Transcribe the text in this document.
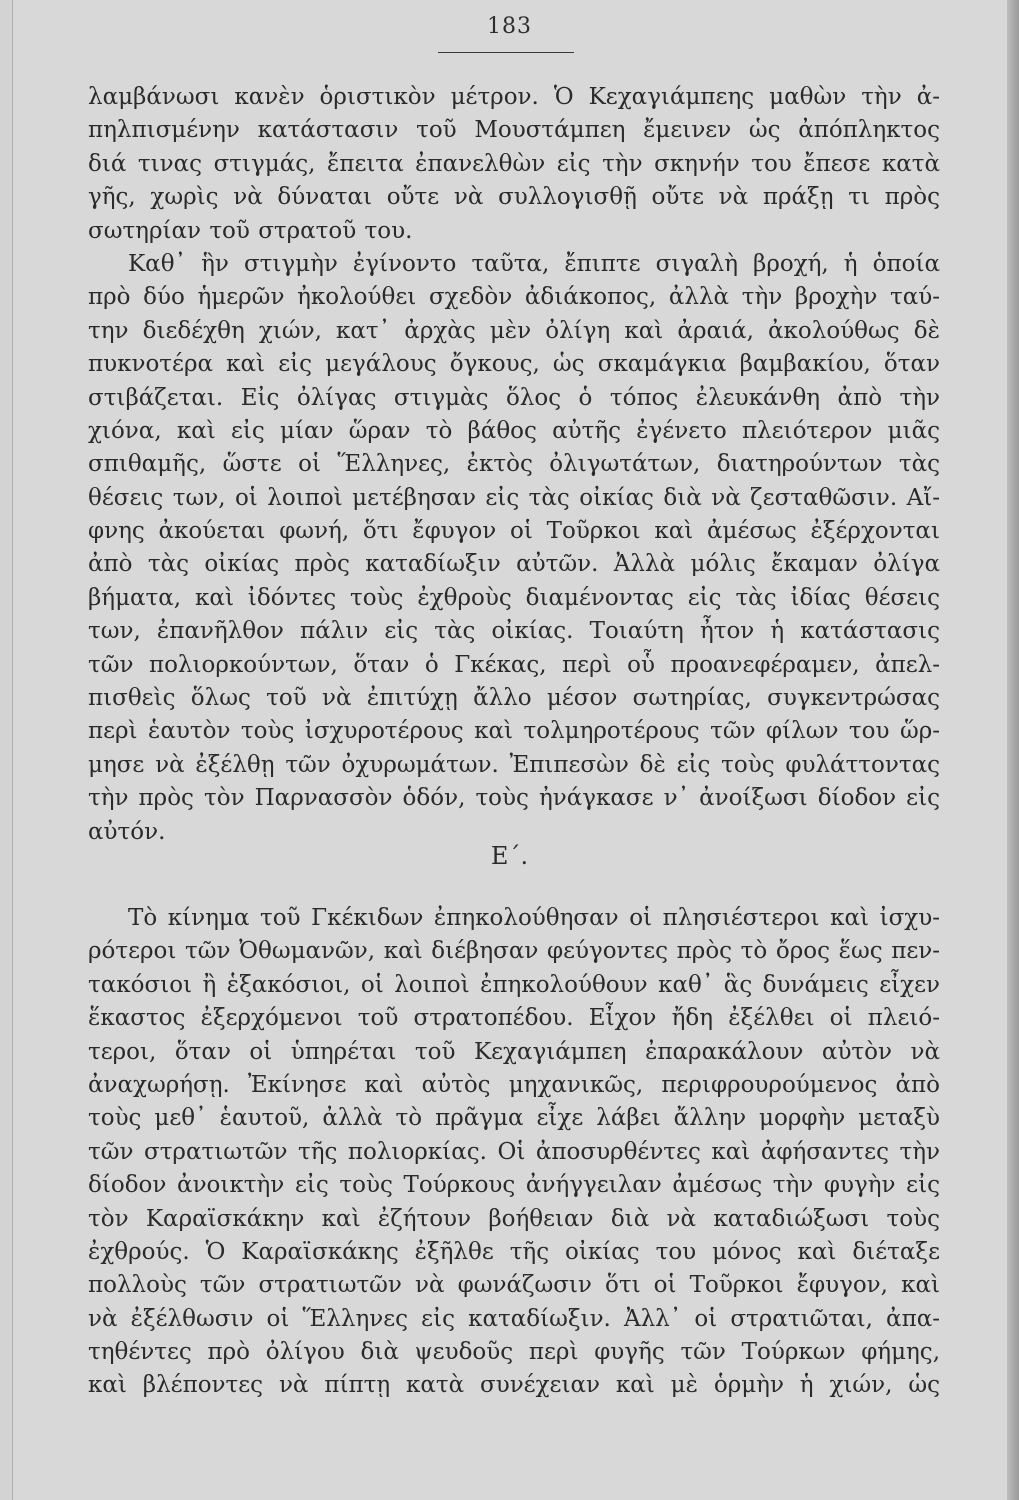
183
λαμβάνωσι κανὲν ὁριστικὸν μέτρον. Ὁ Κεχαγιάμπεης μαθὼν τὴν ἀ-
πηλπισμένην κατάστασιν τοῦ Μουστάμπεη ἔμεινεν ὡς ἀπόπληκτος
διά τινας στιγμάς, ἔπειτα ἐπανελθὼν εἰς τὴν σκηνήν του ἔπεσε κατὰ
γῆς, χωρὶς νὰ δύναται οὔτε νὰ συλλογισθῇ οὔτε νὰ πράξῃ τι πρὸς
σωτηρίαν τοῦ στρατοῦ του.
Καθ᾽ ἣν στιγμὴν ἐγίνοντο ταῦτα, ἔπιπτε σιγαλὴ βροχή, ἡ ὁποία
πρὸ δύο ἡμερῶν ἠκολούθει σχεδὸν ἀδιάκοπος, ἀλλὰ τὴν βροχὴν ταύ-
την διεδέχθη χιών, κατ᾽ ἀρχὰς μὲν ὀλίγη καὶ ἀραιά, ἀκολούθως δὲ
πυκνοτέρα καὶ εἰς μεγάλους ὄγκους, ὡς σκαμάγκια βαμβακίου, ὅταν
στιβάζεται. Εἰς ὀλίγας στιγμὰς ὅλος ὁ τόπος ἐλευκάνθη ἀπὸ τὴν
χιόνα, καὶ εἰς μίαν ὥραν τὸ βάθος αὐτῆς ἐγένετο πλειότερον μιᾶς
σπιθαμῆς, ὥστε οἱ Ἕλληνες, ἐκτὸς ὀλιγωτάτων, διατηρούντων τὰς
θέσεις των, οἱ λοιποὶ μετέβησαν εἰς τὰς οἰκίας διὰ νὰ ζεσταθῶσιν. Αἴ-
φνης ἀκούεται φωνή, ὅτι ἔφυγον οἱ Τοῦρκοι καὶ ἀμέσως ἐξέρχονται
ἀπὸ τὰς οἰκίας πρὸς καταδίωξιν αὐτῶν. Ἀλλὰ μόλις ἔκαμαν ὀλίγα
βήματα, καὶ ἰδόντες τοὺς ἐχθροὺς διαμένοντας εἰς τὰς ἰδίας θέσεις
των, ἐπανῆλθον πάλιν εἰς τὰς οἰκίας. Τοιαύτη ἦτον ἡ κατάστασις
τῶν πολιορκούντων, ὅταν ὁ Γκέκας, περὶ οὗ προανεφέραμεν, ἀπελ-
πισθεὶς ὅλως τοῦ νὰ ἐπιτύχῃ ἄλλο μέσον σωτηρίας, συγκεντρώσας
περὶ ἑαυτὸν τοὺς ἰσχυροτέρους καὶ τολμηροτέρους τῶν φίλων του ὥρ-
μησε νὰ ἐξέλθῃ τῶν ὀχυρωμάτων. Ἐπιπεσὼν δὲ εἰς τοὺς φυλάττοντας
τὴν πρὸς τὸν Παρνασσὸν ὁδόν, τοὺς ἠνάγκασε ν᾽ ἀνοίξωσι δίοδον εἰς
αὐτόν.
Ε΄.
Τὸ κίνημα τοῦ Γκέκιδων ἐπηκολούθησαν οἱ πλησιέστεροι καὶ ἰσχυ-
ρότεροι τῶν Ὀθωμανῶν, καὶ διέβησαν φεύγοντες πρὸς τὸ ὄρος ἕως πεν-
τακόσιοι ἢ ἑξακόσιοι, οἱ λοιποὶ ἐπηκολούθουν καθ᾽ ἃς δυνάμεις εἶχεν
ἕκαστος ἐξερχόμενοι τοῦ στρατοπέδου. Εἶχον ἤδη ἐξέλθει οἱ πλειό-
τεροι, ὅταν οἱ ὑπηρέται τοῦ Κεχαγιάμπεη ἐπαρακάλουν αὐτὸν νὰ
ἀναχωρήσῃ. Ἐκίνησε καὶ αὐτὸς μηχανικῶς, περιφρουρούμενος ἀπὸ
τοὺς μεθ᾽ ἑαυτοῦ, ἀλλὰ τὸ πρᾶγμα εἶχε λάβει ἄλλην μορφὴν μεταξὺ
τῶν στρατιωτῶν τῆς πολιορκίας. Οἱ ἀποσυρθέντες καὶ ἀφήσαντες τὴν
δίοδον ἀνοικτὴν εἰς τοὺς Τούρκους ἀνήγγειλαν ἀμέσως τὴν φυγὴν εἰς
τὸν Καραϊσκάκην καὶ ἐζήτουν βοήθειαν διὰ νὰ καταδιώξωσι τοὺς
ἐχθρούς. Ὁ Καραϊσκάκης ἐξῆλθε τῆς οἰκίας του μόνος καὶ διέταξε
πολλοὺς τῶν στρατιωτῶν νὰ φωνάζωσιν ὅτι οἱ Τοῦρκοι ἔφυγον, καὶ
νὰ ἐξέλθωσιν οἱ Ἕλληνες εἰς καταδίωξιν. Ἀλλ᾽ οἱ στρατιῶται, ἀπα-
τηθέντες πρὸ ὀλίγου διὰ ψευδοῦς περὶ φυγῆς τῶν Τούρκων φήμης,
καὶ βλέποντες νὰ πίπτῃ κατὰ συνέχειαν καὶ μὲ ὁρμὴν ἡ χιών, ὡς
